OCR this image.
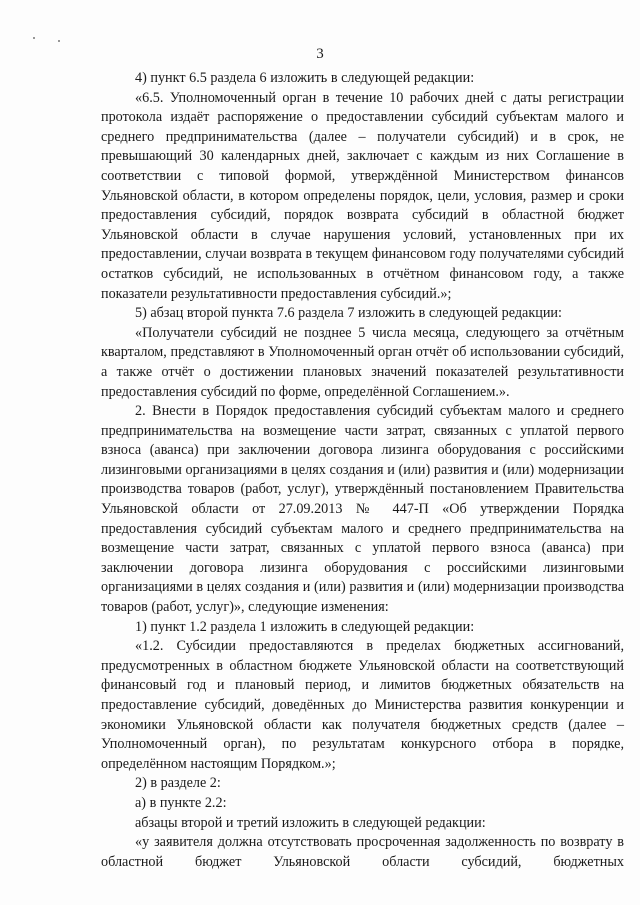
3

4) пункт 6.5 раздела 6 изложить в следующей редакции:

«6.5. Уполномоченный орган в течение 10 рабочих дней с даты регистрации протокола издаёт распоряжение о предоставлении субсидий субъектам малого и среднего предпринимательства (далее – получатели субсидий) и в срок, не превышающий 30 календарных дней, заключает с каждым из них Соглашение в соответствии с типовой формой, утверждённой Министерством финансов Ульяновской области, в котором определены порядок, цели, условия, размер и сроки предоставления субсидий, порядок возврата субсидий в областной бюджет Ульяновской области в случае нарушения условий, установленных при их предоставлении, случаи возврата в текущем финансовом году получателями субсидий остатков субсидий, не использованных в отчётном финансовом году, а также показатели результативности предоставления субсидий.»;

5) абзац второй пункта 7.6 раздела 7 изложить в следующей редакции:

«Получатели субсидий не позднее 5 числа месяца, следующего за отчётным кварталом, представляют в Уполномоченный орган отчёт об использовании субсидий, а также отчёт о достижении плановых значений показателей результативности предоставления субсидий по форме, определённой Соглашением.».

2. Внести в Порядок предоставления субсидий субъектам малого и среднего предпринимательства на возмещение части затрат, связанных с уплатой первого взноса (аванса) при заключении договора лизинга оборудования с российскими лизинговыми организациями в целях создания и (или) развития и (или) модернизации производства товаров (работ, услуг), утверждённый постановлением Правительства Ульяновской области от 27.09.2013 № 447-П «Об утверждении Порядка предоставления субсидий субъектам малого и среднего предпринимательства на возмещение части затрат, связанных с уплатой первого взноса (аванса) при заключении договора лизинга оборудования с российскими лизинговыми организациями в целях создания и (или) развития и (или) модернизации производства товаров (работ, услуг)», следующие изменения:

1) пункт 1.2 раздела 1 изложить в следующей редакции:

«1.2. Субсидии предоставляются в пределах бюджетных ассигнований, предусмотренных в областном бюджете Ульяновской области на соответствующий финансовый год и плановый период, и лимитов бюджетных обязательств на предоставление субсидий, доведённых до Министерства развития конкуренции и экономики Ульяновской области как получателя бюджетных средств (далее – Уполномоченный орган), по результатам конкурсного отбора в порядке, определённом настоящим Порядком.»;

2) в разделе 2:

а) в пункте 2.2:

абзацы второй и третий изложить в следующей редакции:

«у заявителя должна отсутствовать просроченная задолженность по возврату в областной бюджет Ульяновской области субсидий, бюджетных
